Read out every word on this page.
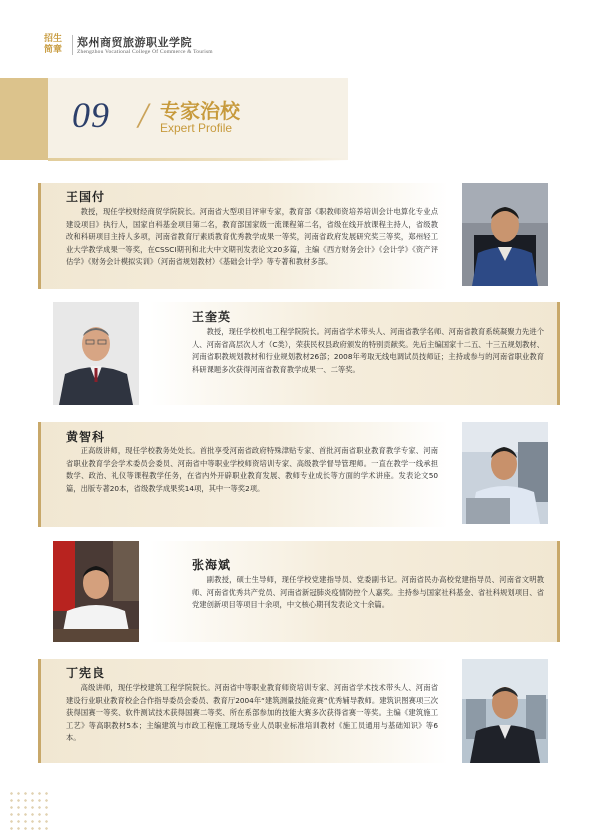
招生简章
郑州商贸旅游职业学院
Zhengzhou Vocational College Of Commerce & Tourism
09 / 专家治校
Expert Profile
王国付
教授，现任学校财经商贸学院院长。河南省大型项目评审专家，教育部《职教师资培养培训会计电算化专业点建设项目》执行人，国家自科基金项目第二名，教育部国家级一流课程第二名，省级在线开放课程主持人，省级教改和科研项目主持人多项，河南省教育厅素质教育优秀教学成果一等奖，河南省政府发展研究奖三等奖，郑州轻工业大学教学成果一等奖，在CSSCI期刊和北大中文期刊发表论文20多篇，主编《西方财务会计》《会计学》《资产评估学》《财务会计模拟实训》（河南省规划教材）《基础会计学》等专著和教材多部。
王奎英
教授，现任学校机电工程学院院长。河南省学术带头人、河南省教学名师、河南省教育系统凝聚力先进个人、河南省高层次人才（C类），荣获民权县政府颁发的特别贡献奖。先后主编国家十二五、十三五规划教材、河南省职教规划教材和行业规划教材26部；2008年考取无线电调试员技师证；主持或参与的河南省职业教育科研课题多次获得河南省教育教学成果一、二等奖。
黄智科
正高级讲师，现任学校教务处处长。首批享受河南省政府特殊津贴专家、首批河南省职业教育教学专家、河南省职业教育学会学术委员会委员、河南省中等职业学校师资培训专家、高级教学督导管理师。一直在教学一线承担数学、政治、礼仪等课程教学任务，在省内外开辟职业教育发展、教师专业成长等方面的学术讲座。发表论文50篇，出版专著20本，省级教学成果奖14项，其中一等奖2项。
张海斌
副教授，硕士生导师，现任学校党建指导员、党委副书记。河南省民办高校党建指导员、河南省文明教师、河南省优秀共产党员、河南省新冠肺炎疫情防控个人嘉奖。主持参与国家社科基金、省社科规划项目、省党建创新项目等项目十余项，中文核心期刊发表论文十余篇。
丁宪良
高级讲师，现任学校建筑工程学院院长。河南省中等职业教育师资培训专家、河南省学术技术带头人、河南省建设行业职业教育校企合作指导委员会委员、教育厅2004年“建筑测量技能竞赛”优秀辅导教师。建筑识图赛项三次获得国赛一等奖、软件测试技术获得国赛二等奖、所在系部参加的技能大赛多次获得省赛一等奖。主编《建筑施工工艺》等高职教材5本；主编建筑与市政工程施工现场专业人员职业标准培训教材《施工员通用与基础知识》等6本。
